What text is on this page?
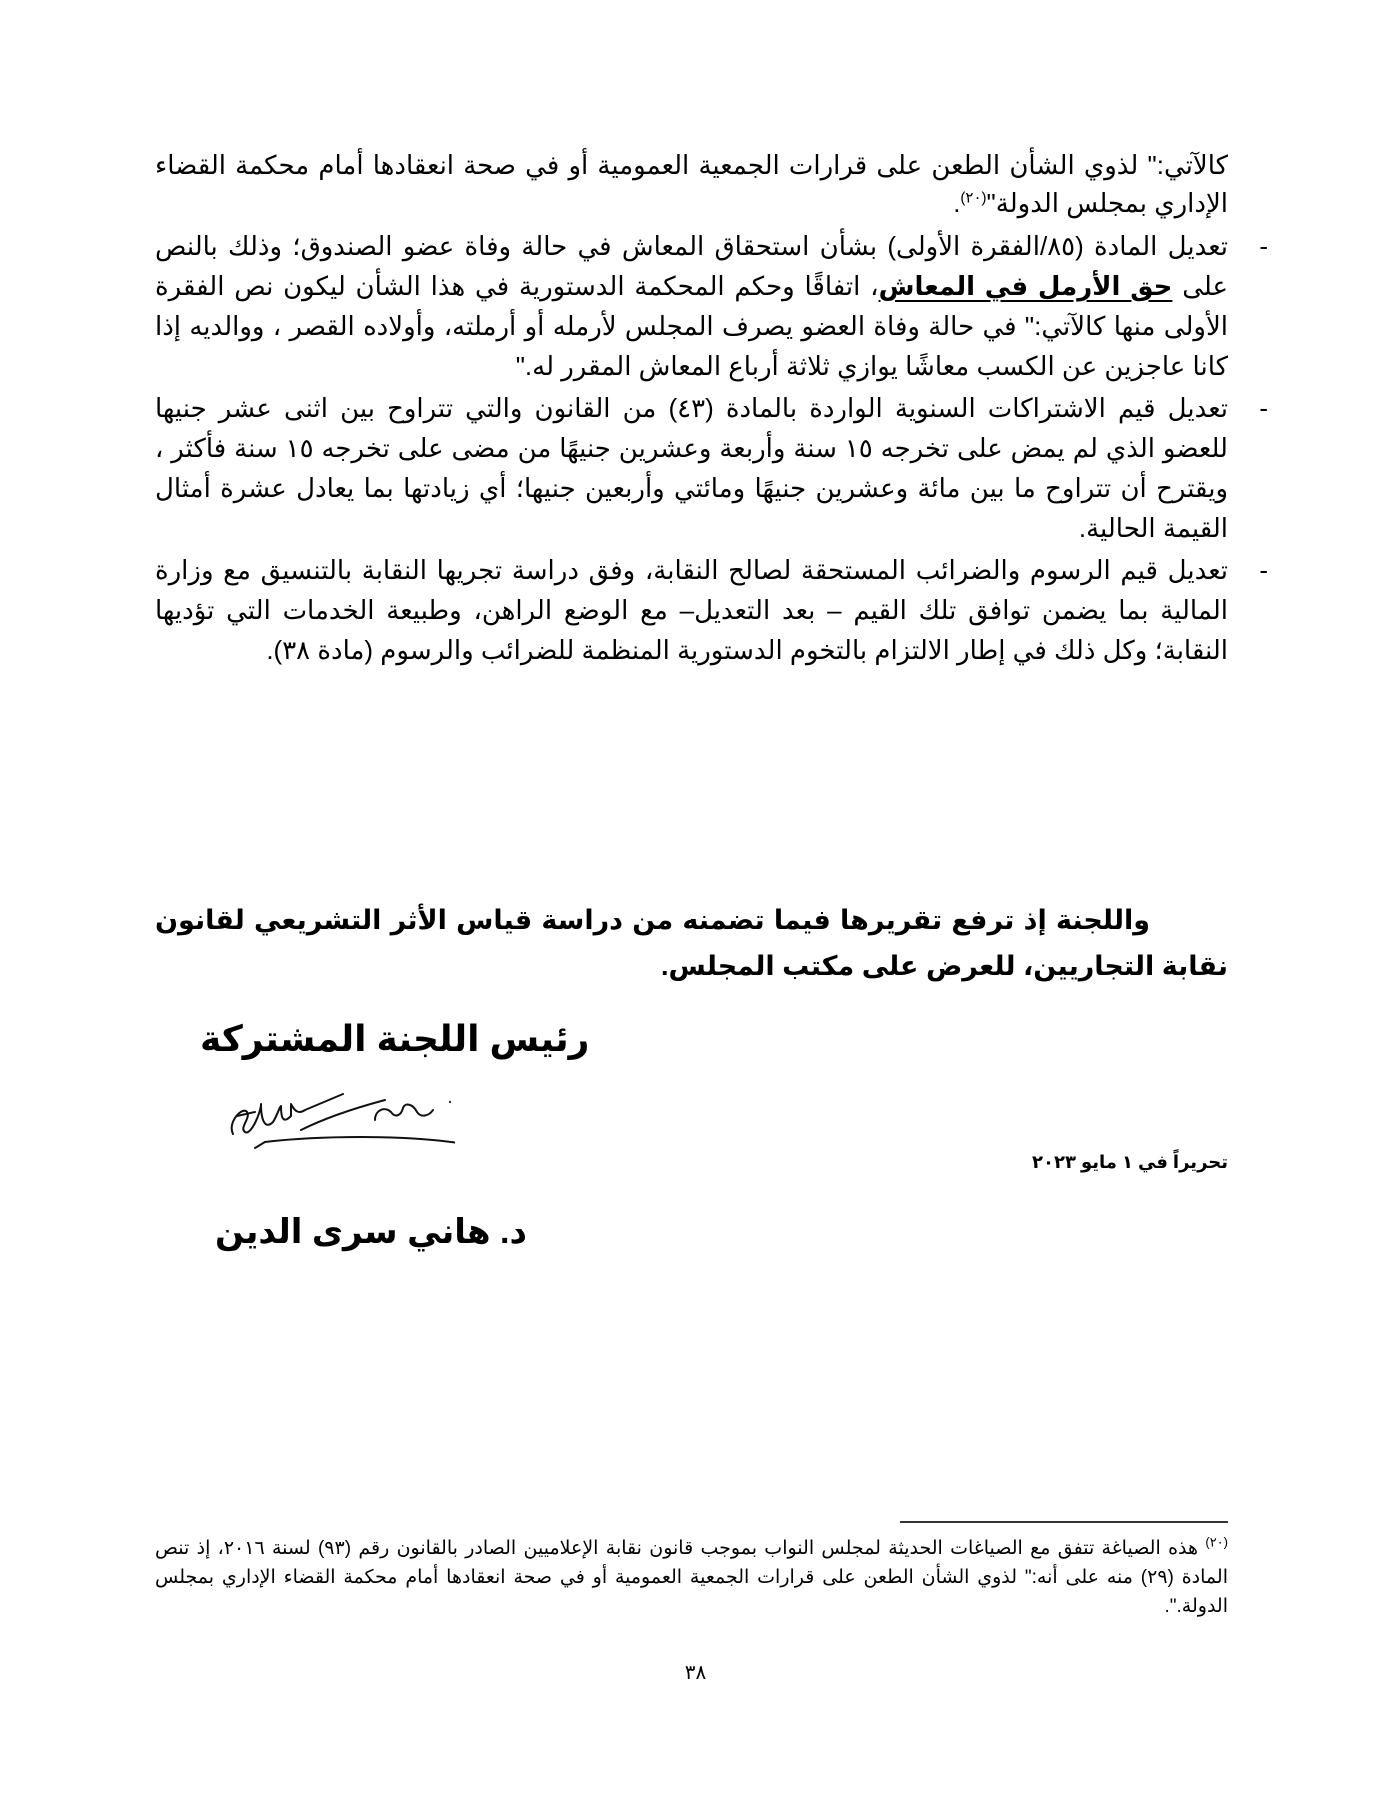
كالآتي:" لذوي الشأن الطعن على قرارات الجمعية العمومية أو في صحة انعقادها أمام محكمة القضاء الإداري بمجلس الدولة"$^{(٢٠)}$.

-
تعديل المادة (٨٥/الفقرة الأولى) بشأن استحقاق المعاش في حالة وفاة عضو الصندوق؛ وذلك بالنص على حق الأرمل في المعاش، اتفاقًا وحكم المحكمة الدستورية في هذا الشأن ليكون نص الفقرة الأولى منها كالآتي:" في حالة وفاة العضو يصرف المجلس لأرمله أو أرملته، وأولاده القصر ، ووالديه إذا كانا عاجزين عن الكسب معاشًا يوازي ثلاثة أرباع المعاش المقرر له."
-
تعديل قيم الاشتراكات السنوية الواردة بالمادة (٤٣) من القانون والتي تتراوح بين اثنى عشر جنيها للعضو الذي لم يمض على تخرجه ١٥ سنة وأربعة وعشرين جنيهًا من مضى على تخرجه ١٥ سنة فأكثر ، ويقترح أن تتراوح ما بين مائة وعشرين جنيهًا ومائتي وأربعين جنيها؛ أي زيادتها بما يعادل عشرة أمثال القيمة الحالية.
-
تعديل قيم الرسوم والضرائب المستحقة لصالح النقابة، وفق دراسة تجريها النقابة بالتنسيق مع وزارة المالية بما يضمن توافق تلك القيم – بعد التعديل– مع الوضع الراهن، وطبيعة الخدمات التي تؤديها النقابة؛ وكل ذلك في إطار الالتزام بالتخوم الدستورية المنظمة للضرائب والرسوم (مادة ٣٨).

واللجنة إذ ترفع تقريرها فيما تضمنه من دراسة قياس الأثر التشريعي لقانون نقابة التجاريين، للعرض على مكتب المجلس.

رئيس اللجنة المشتركة
تحريراً في ١ مايو ٢٠٢٣
د. هاني سرى الدين
$^{(٢٠)}$ هذه الصياغة تتفق مع الصياغات الحديثة لمجلس النواب بموجب قانون نقابة الإعلاميين الصادر بالقانون رقم (٩٣) لسنة ٢٠١٦، إذ تنص المادة (٢٩) منه على أنه:" لذوي الشأن الطعن على قرارات الجمعية العمومية أو في صحة انعقادها أمام محكمة القضاء الإداري بمجلس الدولة.".
٣٨
